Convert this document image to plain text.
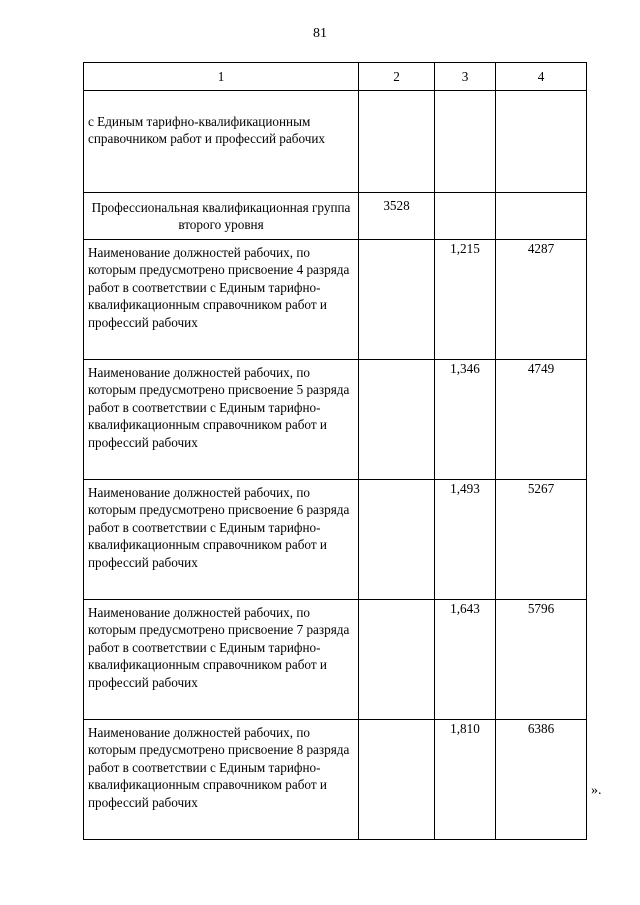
81
1	2	3	4
с Единым тарифно-квалификационным справочником работ и профессий рабочих			
Профессиональная квалификационная группа второго уровня	3528		
Наименование должностей рабочих, по которым предусмотрено присвоение 4 разряда работ в соответствии с Единым тарифно-квалификационным справочником работ и профессий рабочих		1,215	4287
Наименование должностей рабочих, по которым предусмотрено присвоение 5 разряда работ в соответствии с Единым тарифно-квалификационным справочником работ и профессий рабочих		1,346	4749
Наименование должностей рабочих, по которым предусмотрено присвоение 6 разряда работ в соответствии с Единым тарифно-квалификационным справочником работ и профессий рабочих		1,493	5267
Наименование должностей рабочих, по которым предусмотрено присвоение 7 разряда работ в соответствии с Единым тарифно-квалификационным справочником работ и профессий рабочих		1,643	5796
Наименование должностей рабочих, по которым предусмотрено присвоение 8 разряда работ в соответствии с Единым тарифно-квалификационным справочником работ и профессий рабочих		1,810	6386
».
